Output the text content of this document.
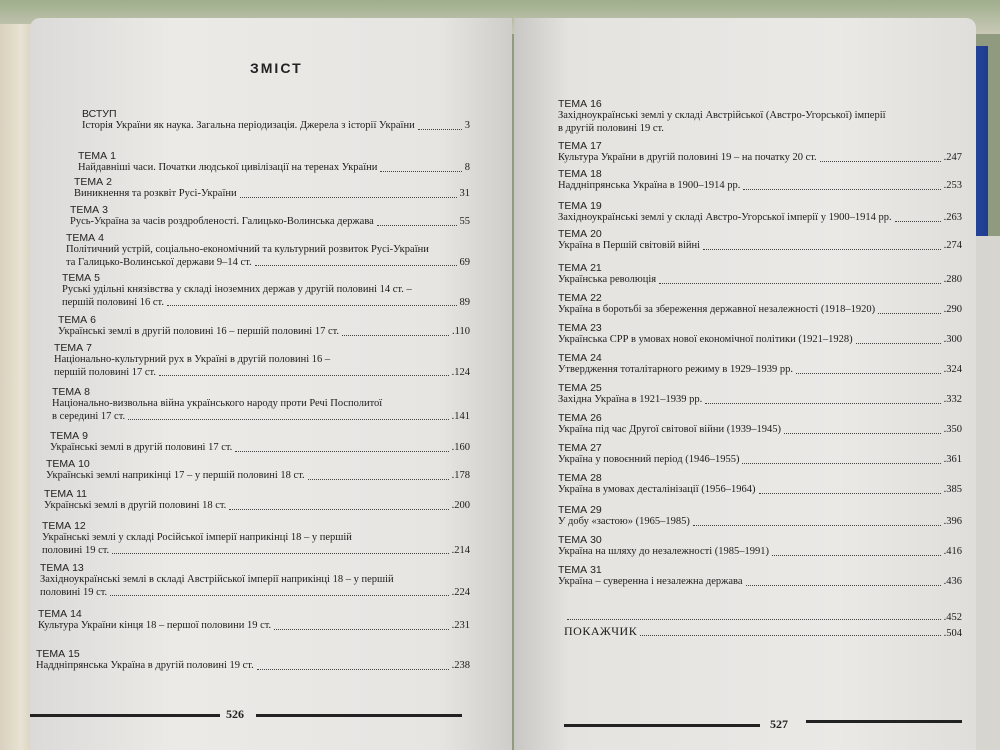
ЗМІСТ
ВСТУП
Історія України як наука. Загальна періодизація. Джерела з історії України	3
ТЕМА 1
Найдавніші часи. Початки людської цивілізації на теренах України	8
ТЕМА 2
Виникнення та розквіт Русі-України	31
ТЕМА 3
Русь-Україна за часів роздробленості. Галицько-Волинська держава	55
ТЕМА 4
Політичний устрій, соціально-економічний та культурний розвиток Русі-України
та Галицько-Волинської держави 9–14 ст.	69
ТЕМА 5
Руські удільні князівства у складі іноземних держав у другій половині 14 ст. –
першій половині 16 ст.	89
ТЕМА 6
Українські землі в другій половині 16 – першій половині 17 ст.	.110
ТЕМА 7
Національно-культурний рух в Україні в другій половині 16 –
першій половині 17 ст.	.124
ТЕМА 8
Національно-визвольна війна українського народу проти Речі Посполитої
в середині 17 ст.	.141
ТЕМА 9
Українські землі в другій половині 17 ст.	.160
ТЕМА 10
Українські землі наприкінці 17 – у першій половині 18 ст.	.178
ТЕМА 11
Українські землі в другій половині 18 ст.	.200
ТЕМА 12
Українські землі у складі Російської імперії наприкінці 18 – у першій
половині 19 ст.	.214
ТЕМА 13
Західноукраїнські землі в складі Австрійської імперії наприкінці 18 – у першій
половині 19 ст.	.224
ТЕМА 14
Культура України кінця 18 – першої половини 19 ст.	.231
ТЕМА 15
Наддніпрянська Україна в другій половині 19 ст.	.238
526
ТЕМА 16
Західноукраїнські землі у складі Австрійської (Австро-Угорської) імперії
в другій половині 19 ст.
ТЕМА 17
Культура України в другій половині 19 – на початку 20 ст.	.247
ТЕМА 18
Наддніпрянська Україна в 1900–1914 рр.	.253
ТЕМА 19
Західноукраїнські землі у складі Австро-Угорської імперії у 1900–1914 рр.	.263
ТЕМА 20
Україна в Першій світовій війні	.274
ТЕМА 21
Українська революція	.280
ТЕМА 22
Україна в боротьбі за збереження державної незалежності (1918–1920)	.290
ТЕМА 23
Українська СРР в умовах нової економічної політики (1921–1928)	.300
ТЕМА 24
Утвердження тоталітарного режиму в 1929–1939 рр.	.324
ТЕМА 25
Західна Україна в 1921–1939 рр.	.332
ТЕМА 26
Україна під час Другої світової війни (1939–1945)	.350
ТЕМА 27
Україна у повоєнний період (1946–1955)	.361
ТЕМА 28
Україна в умовах десталінізації (1956–1964)	.385
ТЕМА 29
У добу «застою» (1965–1985)	.396
ТЕМА 30
Україна на шляху до незалежності (1985–1991)	.416
ТЕМА 31
Україна – суверенна і незалежна держава	.436
.452
ПОКАЖЧИК	.504
527
